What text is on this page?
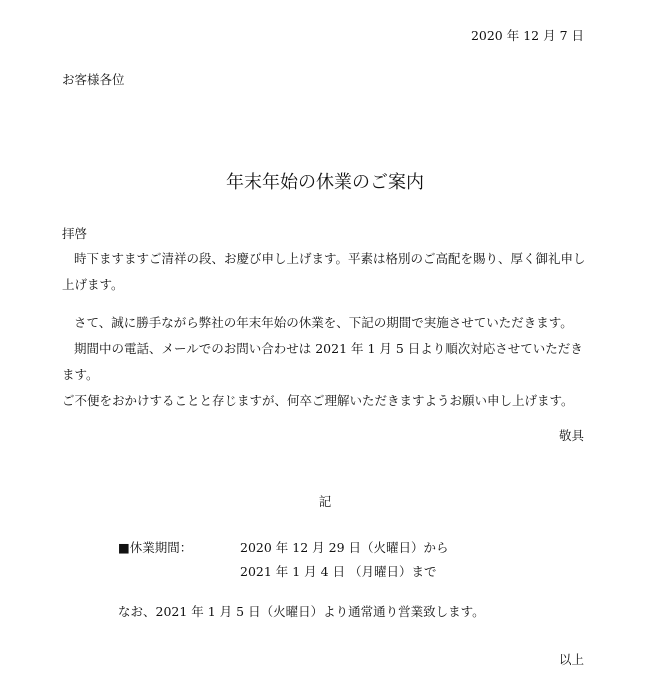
2020 年 12 月 7 日
お客様各位
年末年始の休業のご案内
拝啓
時下ますますご清祥の段、お慶び申し上げます。平素は格別のご高配を賜り、厚く御礼申し上げます。
さて、誠に勝手ながら弊社の年末年始の休業を、下記の期間で実施させていただきます。
期間中の電話、メールでのお問い合わせは 2021 年 1 月 5 日より順次対応させていただきます。
ご不便をおかけすることと存じますが、何卒ご理解いただきますようお願い申し上げます。
敬具
記
■休業期間：	2020 年 12 月 29 日（火曜日）から
2021 年 1 月 4 日 （月曜日）まで
なお、2021 年 1 月 5 日（火曜日）より通常通り営業致します。
以上
